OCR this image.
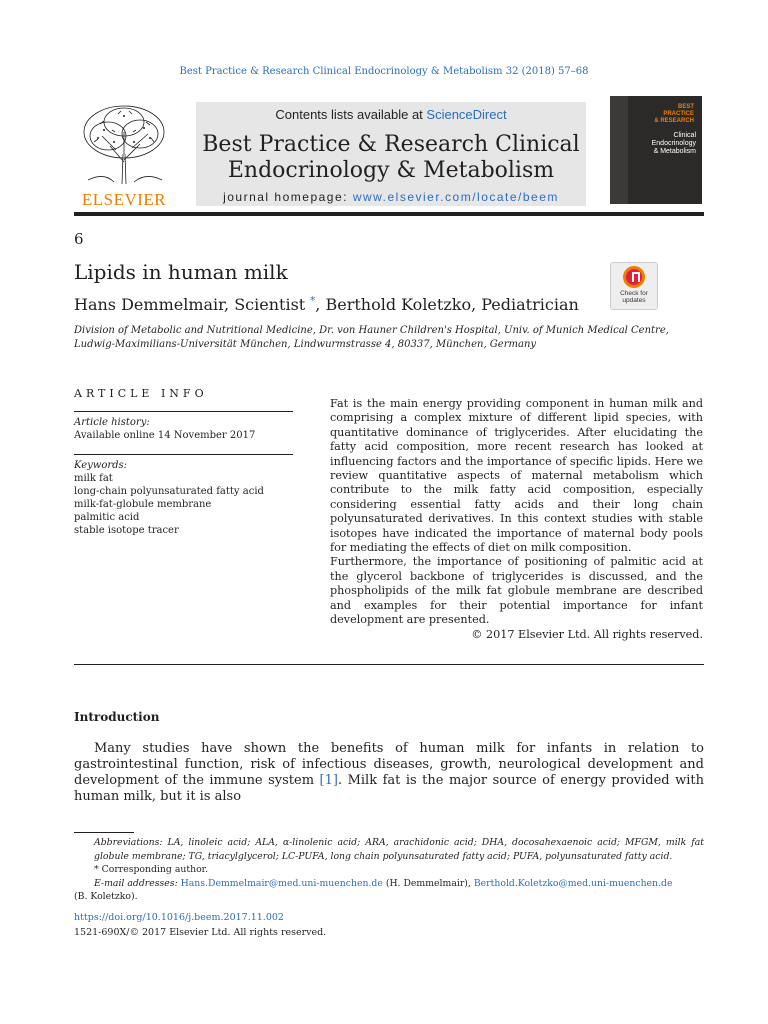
Best Practice & Research Clinical Endocrinology & Metabolism 32 (2018) 57–68
ELSEVIER
Contents lists available at ScienceDirect
Best Practice & Research Clinical
Endocrinology & Metabolism
journal homepage: www.elsevier.com/locate/beem
BEST
PRACTICE
& RESEARCH
Clinical
Endocrinology
& Metabolism
6
Lipids in human milk
Hans Demmelmair, Scientist *, Berthold Koletzko, Pediatrician
Check for
updates
Division of Metabolic and Nutritional Medicine, Dr. von Hauner Children's Hospital, Univ. of Munich Medical Centre, Ludwig-Maximilians-Universität München, Lindwurmstrasse 4, 80337, München, Germany
ARTICLE INFO
Article history:
Available online 14 November 2017
Keywords:
milk fat
long-chain polyunsaturated fatty acid
milk-fat-globule membrane
palmitic acid
stable isotope tracer

Fat is the main energy providing component in human milk and comprising a complex mixture of different lipid species, with quantitative dominance of triglycerides. After elucidating the fatty acid composition, more recent research has looked at influencing factors and the importance of specific lipids. Here we review quantitative aspects of maternal metabolism which contribute to the milk fatty acid composition, especially considering essential fatty acids and their long chain polyunsaturated derivatives. In this context studies with stable isotopes have indicated the importance of maternal body pools for mediating the effects of diet on milk composition.

Furthermore, the importance of positioning of palmitic acid at the glycerol backbone of triglycerides is discussed, and the phospholipids of the milk fat globule membrane are described and examples for their potential importance for infant development are presented.

© 2017 Elsevier Ltd. All rights reserved.
Introduction

Many studies have shown the benefits of human milk for infants in relation to gastrointestinal function, risk of infectious diseases, growth, neurological development and development of the immune system [1]. Milk fat is the major source of energy provided with human milk, but it is also

Abbreviations: LA, linoleic acid; ALA, α-linolenic acid; ARA, arachidonic acid; DHA, docosahexaenoic acid; MFGM, milk fat globule membrane; TG, triacylglycerol; LC-PUFA, long chain polyunsaturated fatty acid; PUFA, polyunsaturated fatty acid.

* Corresponding author.

E-mail addresses: Hans.Demmelmair@med.uni-muenchen.de (H. Demmelmair), Berthold.Koletzko@med.uni-muenchen.de

(B. Koletzko).

https://doi.org/10.1016/j.beem.2017.11.002
1521-690X/© 2017 Elsevier Ltd. All rights reserved.
